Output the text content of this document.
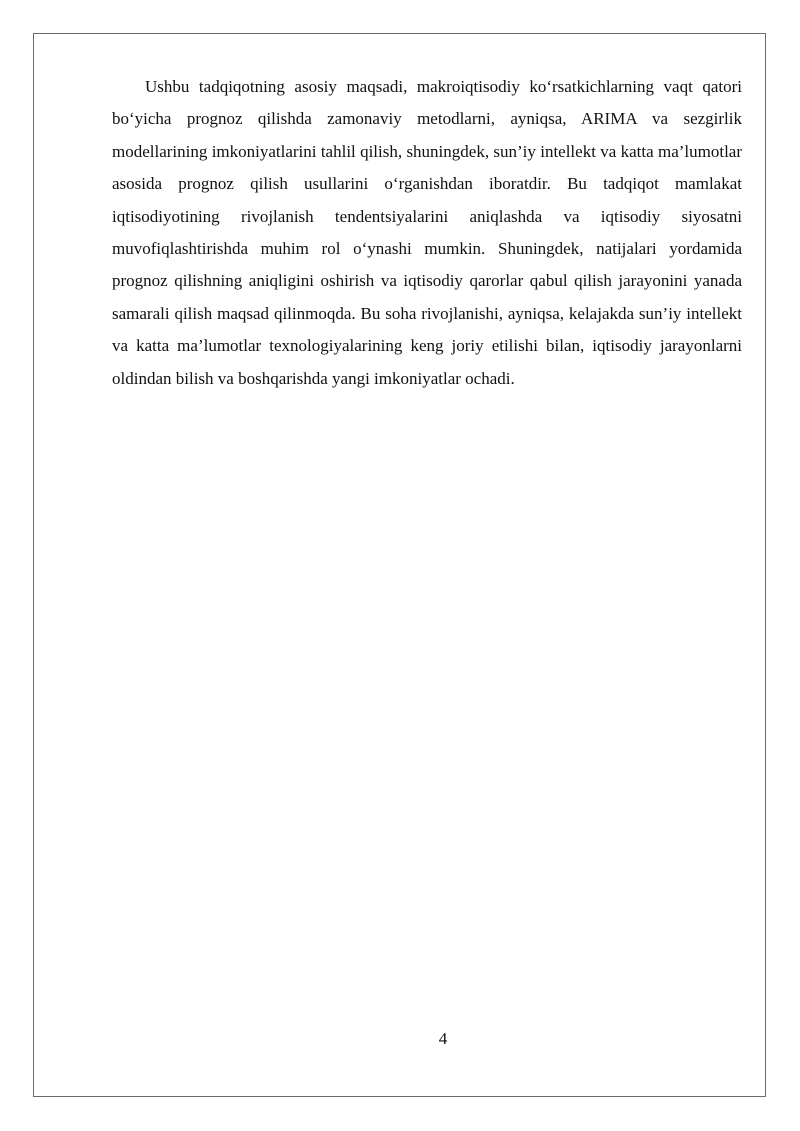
Ushbu tadqiqotning asosiy maqsadi, makroiqtisodiy koʻrsatkichlarning vaqt qatori boʻyicha prognoz qilishda zamonaviy metodlarni, ayniqsa, ARIMA va sezgirlik modellarining imkoniyatlarini tahlil qilish, shuningdek, sun’iy intellekt va katta ma’lumotlar asosida prognoz qilish usullarini oʻrganishdan iboratdir. Bu tadqiqot mamlakat iqtisodiyotining rivojlanish tendentsiyalarini aniqlashda va iqtisodiy siyosatni muvofiqlashtirishda muhim rol oʻynashi mumkin. Shuningdek, natijalari yordamida prognoz qilishning aniqligini oshirish va iqtisodiy qarorlar qabul qilish jarayonini yanada samarali qilish maqsad qilinmoqda. Bu soha rivojlanishi, ayniqsa, kelajakda sun’iy intellekt va katta ma’lumotlar texnologiyalarining keng joriy etilishi bilan, iqtisodiy jarayonlarni oldindan bilish va boshqarishda yangi imkoniyatlar ochadi.

4
